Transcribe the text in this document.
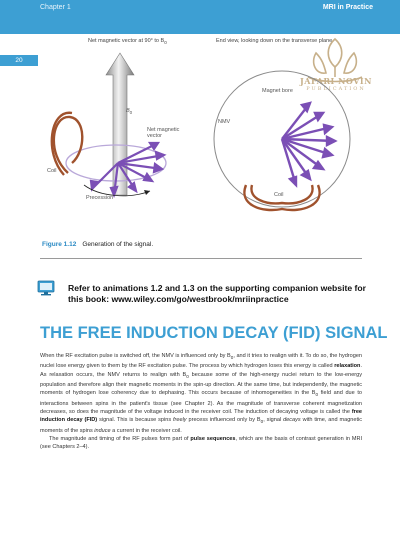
Chapter 1	MRI in Practice
20
JAFARI NOVIN
PUBLICATION
Net magnetic vector at 90° to $B_0$	End view, looking down on the transverse plane
$B_0$
Net magnetic vector
Coil
Precession
Magnet bore
NMV
Coil
Figure 1.12 Generation of the signal.
Refer to animations 1.2 and 1.3 on the supporting companion website for this book: www.wiley.com/go/westbrook/mriinpractice
THE FREE INDUCTION DECAY (FID) SIGNAL

When the RF excitation pulse is switched off, the NMV is influenced only by $B_0$, and it tries to realign with it. To do so, the hydrogen nuclei lose energy given to them by the RF excitation pulse. The process by which hydrogen loses this energy is called relaxation. As relaxation occurs, the NMV returns to realign with $B_0$ because some of the high-energy nuclei return to the low-energy population and therefore align their magnetic moments in the spin-up direction. At the same time, but independently, the magnetic moments of hydrogen lose coherency due to dephasing. This occurs because of inhomogeneities in the $B_0$ field and due to interactions between spins in the patient's tissue (see Chapter 2). As the magnitude of transverse coherent magnetization decreases, so does the magnitude of the voltage induced in the receiver coil. The induction of decaying voltage is called the free induction decay (FID) signal. This is because spins freely precess influenced only by $B_0$, signal decays with time, and magnetic moments of the spins induce a current in the receiver coil.

The magnitude and timing of the RF pulses form part of pulse sequences, which are the basis of contrast generation in MRI (see Chapters 2–4).
